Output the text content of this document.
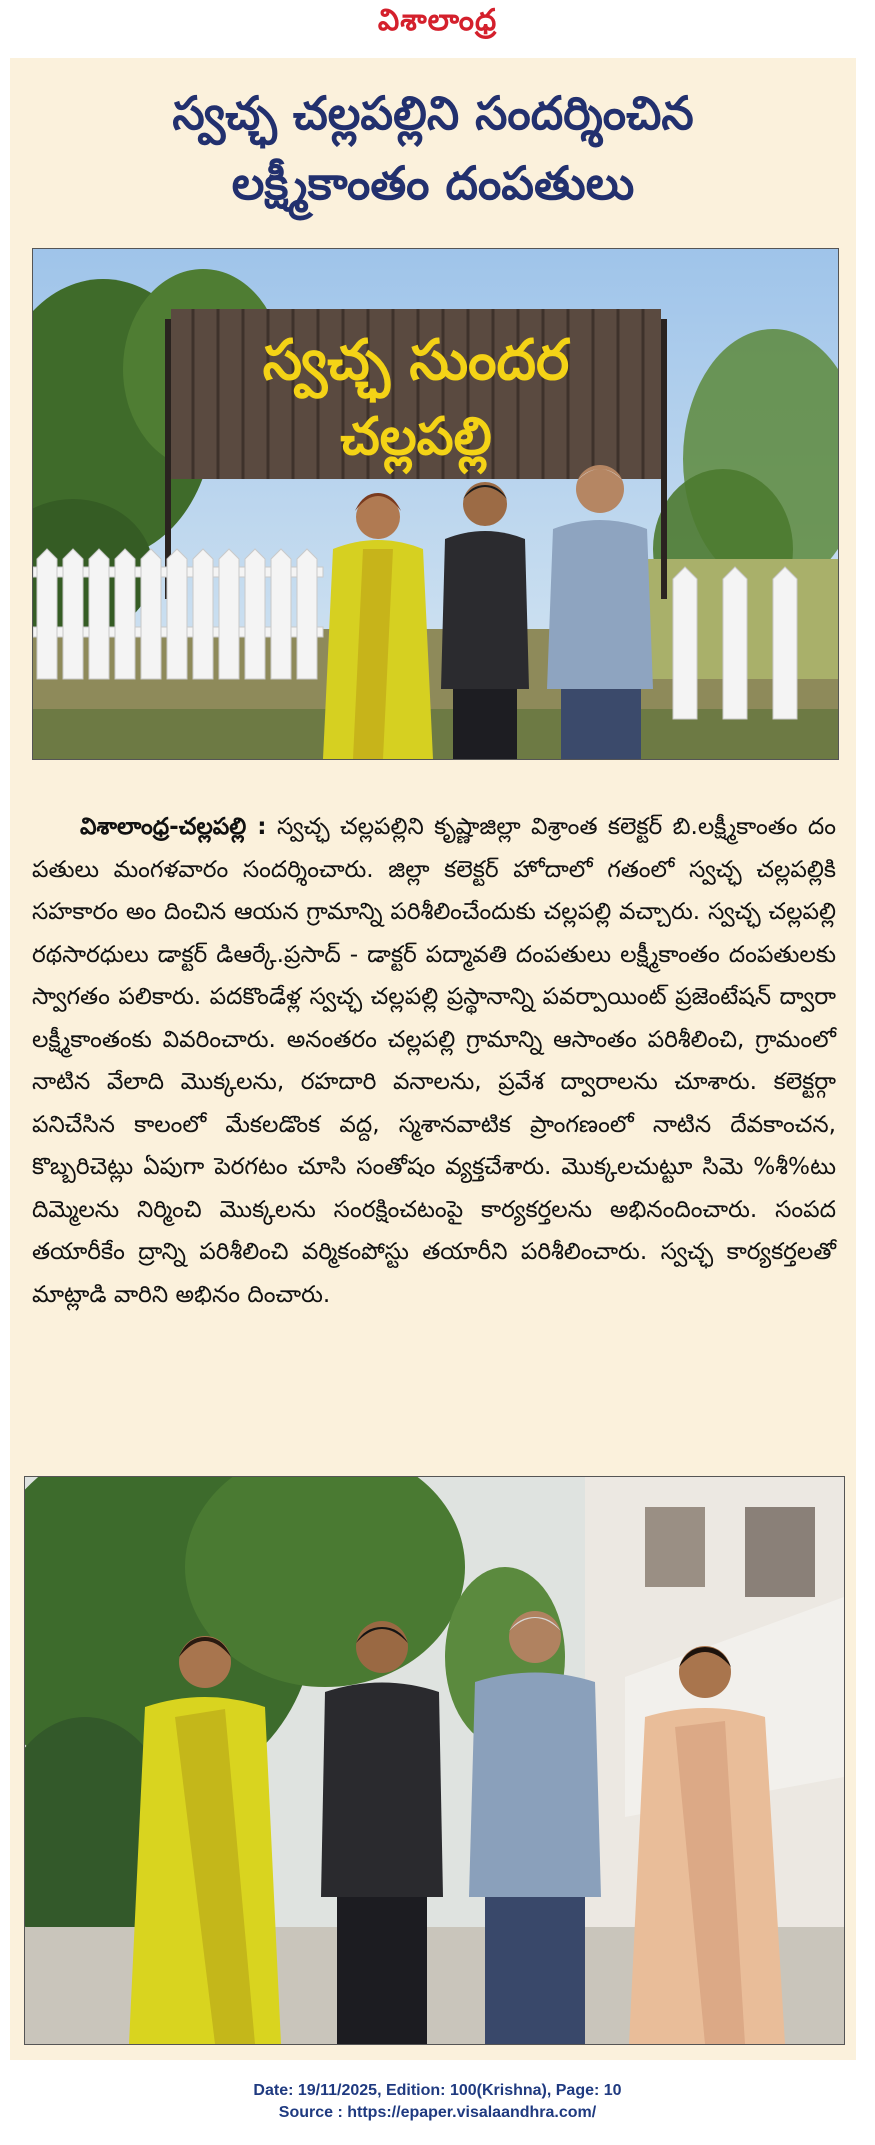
విశాలాంధ్ర
స్వచ్ఛ చల్లపల్లిని సందర్శించిన
లక్ష్మీకాంతం దంపతులు
స్వచ్ఛ సుందర
చల్లపల్లి

విశాలాంధ్ర-చల్లపల్లి : స్వచ్ఛ చల్లపల్లిని కృష్ణాజిల్లా విశ్రాంత కలెక్టర్ బి.లక్ష్మీకాంతం దం పతులు మంగళవారం సందర్శించారు. జిల్లా కలెక్టర్ హోదాలో గతంలో స్వచ్ఛ చల్లపల్లికి సహకారం అం దించిన ఆయన గ్రామాన్ని పరిశీలించేందుకు చల్లపల్లి వచ్చారు. స్వచ్ఛ చల్లపల్లి రథసారధులు డాక్టర్ డిఆర్కే.ప్రసాద్ - డాక్టర్ పద్మావతి దంపతులు లక్ష్మీకాంతం దంపతులకు స్వాగతం పలికారు. పదకొండేళ్ల స్వచ్ఛ చల్లపల్లి ప్రస్థానాన్ని పవర్పాయింట్ ప్రజెంటేషన్ ద్వారా లక్ష్మీకాంతంకు వివరించారు. అనంతరం చల్లపల్లి గ్రామాన్ని ఆసాంతం పరిశీలించి, గ్రామంలో నాటిన వేలాది మొక్కలను, రహదారి వనాలను, ప్రవేశ ద్వారాలను చూశారు. కలెక్టర్గా పనిచేసిన కాలంలో మేకలడొంక వద్ద, స్మశానవాటిక ప్రాంగణంలో నాటిన దేవకాంచన, కొబ్బరిచెట్లు ఏపుగా పెరగటం చూసి సంతోషం వ్యక్తచేశారు. మొక్కలచుట్టూ సిమె %శీ%టు దిమ్మెలను నిర్మించి మొక్కలను సంరక్షించటంపై కార్యకర్తలను అభినందించారు. సంపద తయారీకేం ద్రాన్ని పరిశీలించి వర్మికంపోస్టు తయారీని పరిశీలించారు. స్వచ్ఛ కార్యకర్తలతో మాట్లాడి వారిని అభినం దించారు.

Date: 19/11/2025, Edition: 100(Krishna), Page: 10
Source : https://epaper.visalaandhra.com/
